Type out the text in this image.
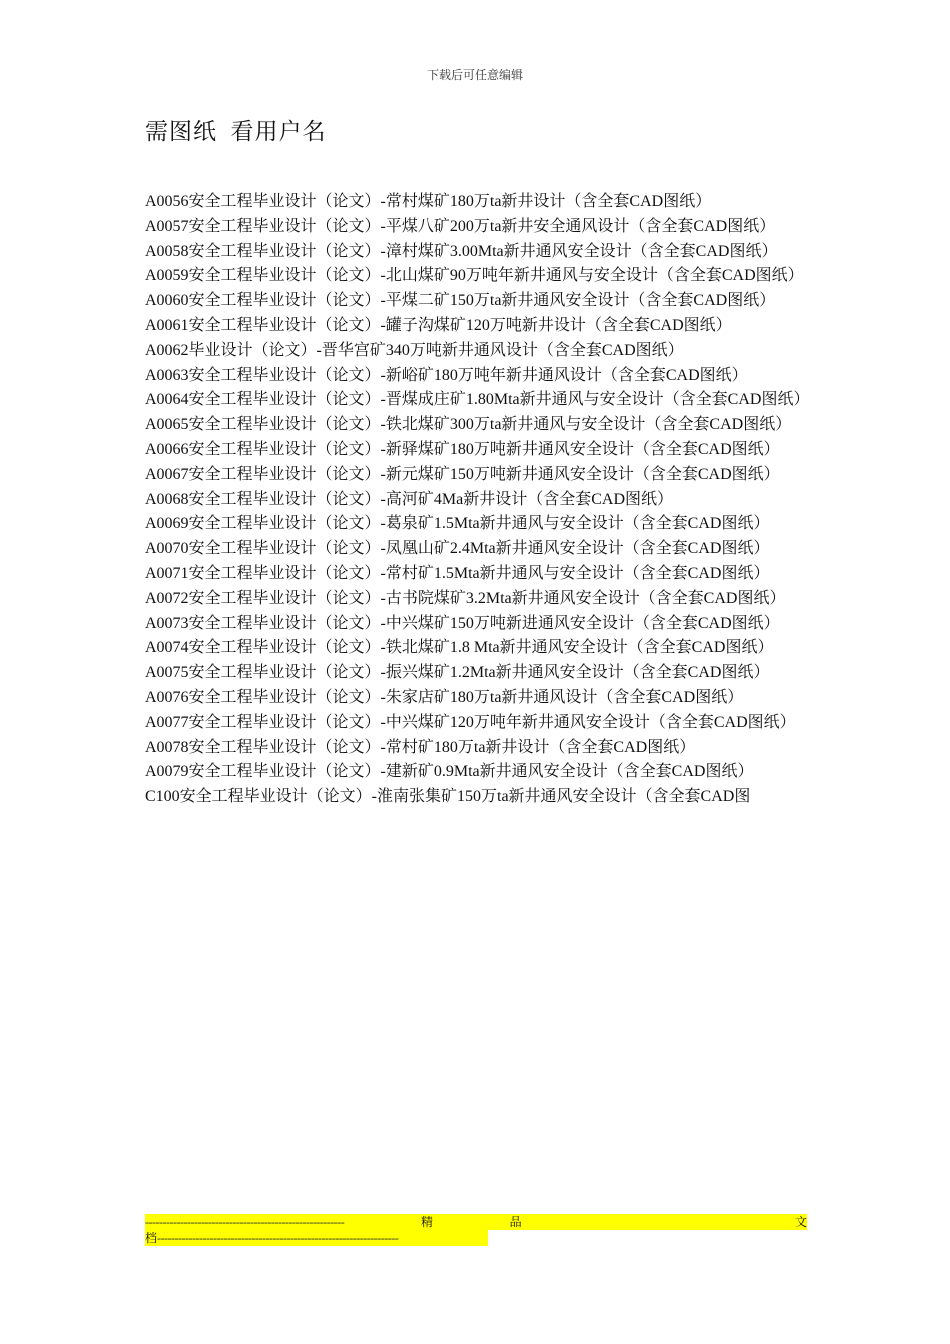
下载后可任意编辑
需图纸  看用户名
A0056安全工程毕业设计（论文）-常村煤矿180万ta新井设计（含全套CAD图纸）
A0057安全工程毕业设计（论文）-平煤八矿200万ta新井安全通风设计（含全套CAD图纸）
A0058安全工程毕业设计（论文）-漳村煤矿3.00Mta新井通风安全设计（含全套CAD图纸）
A0059安全工程毕业设计（论文）-北山煤矿90万吨年新井通风与安全设计（含全套CAD图纸）
A0060安全工程毕业设计（论文）-平煤二矿150万ta新井通风安全设计（含全套CAD图纸）
A0061安全工程毕业设计（论文）-罐子沟煤矿120万吨新井设计（含全套CAD图纸）
A0062毕业设计（论文）-晋华宫矿340万吨新井通风设计（含全套CAD图纸）
A0063安全工程毕业设计（论文）-新峪矿180万吨年新井通风设计（含全套CAD图纸）
A0064安全工程毕业设计（论文）-晋煤成庄矿1.80Mta新井通风与安全设计（含全套CAD图纸）
A0065安全工程毕业设计（论文）-铁北煤矿300万ta新井通风与安全设计（含全套CAD图纸）
A0066安全工程毕业设计（论文）-新驿煤矿180万吨新井通风安全设计（含全套CAD图纸）
A0067安全工程毕业设计（论文）-新元煤矿150万吨新井通风安全设计（含全套CAD图纸）
A0068安全工程毕业设计（论文）-高河矿4Ma新井设计（含全套CAD图纸）
A0069安全工程毕业设计（论文）-葛泉矿1.5Mta新井通风与安全设计（含全套CAD图纸）
A0070安全工程毕业设计（论文）-凤凰山矿2.4Mta新井通风安全设计（含全套CAD图纸）
A0071安全工程毕业设计（论文）-常村矿1.5Mta新井通风与安全设计（含全套CAD图纸）
A0072安全工程毕业设计（论文）-古书院煤矿3.2Mta新井通风安全设计（含全套CAD图纸）
A0073安全工程毕业设计（论文）-中兴煤矿150万吨新进通风安全设计（含全套CAD图纸）
A0074安全工程毕业设计（论文）-铁北煤矿1.8 Mta新井通风安全设计（含全套CAD图纸）
A0075安全工程毕业设计（论文）-振兴煤矿1.2Mta新井通风安全设计（含全套CAD图纸）
A0076安全工程毕业设计（论文）-朱家店矿180万ta新井通风设计（含全套CAD图纸）
A0077安全工程毕业设计（论文）-中兴煤矿120万吨年新井通风安全设计（含全套CAD图纸）
A0078安全工程毕业设计（论文）-常村矿180万ta新井设计（含全套CAD图纸）
A0079安全工程毕业设计（论文）-建新矿0.9Mta新井通风安全设计（含全套CAD图纸）
C100安全工程毕业设计（论文）-淮南张集矿150万ta新井通风安全设计（含全套CAD图
---------------------------------------------------------	精	品	文
档---------------------------------------------------------------------
